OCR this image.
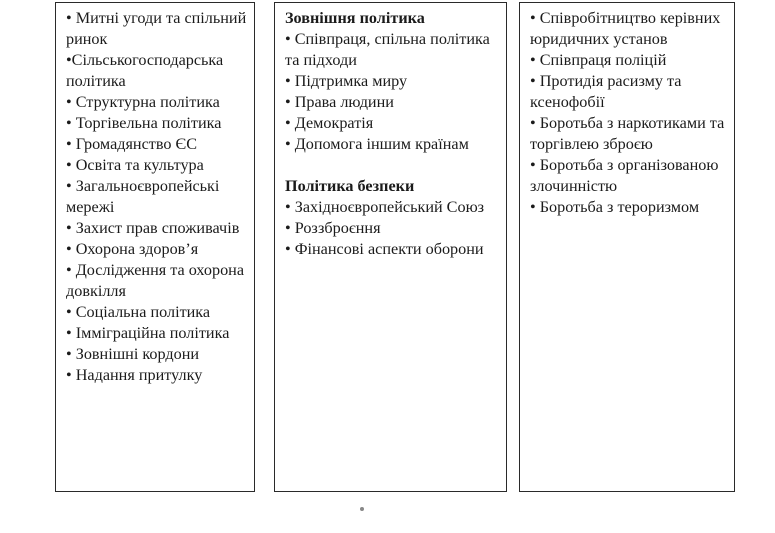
• Митні угоди та спільний ринок
•Сільськогосподарська політика
• Структурна політика
• Торгівельна політика
• Громадянство ЄС
• Освіта та культура
• Загальноєвропейські мережі
• Захист прав споживачів
• Охорона здоров’я
• Дослідження та охорона довкілля
• Соціальна політика
• Імміграційна політика
• Зовнішні кордони
• Надання притулку

Зовнішня політика

• Співпраця, спільна політика та підходи
• Підтримка миру
• Права людини
• Демократія
• Допомога іншим країнам

Політика безпеки

• Західноєвропейський Союз
• Роззброєння
• Фінансові аспекти оборони
• Співробітництво керівних юридичних установ
• Співпраця поліцій
• Протидія расизму та ксенофобії
• Боротьба з наркотиками та торгівлею зброєю
• Боротьба з організованою злочинністю
• Боротьба з тероризмом
